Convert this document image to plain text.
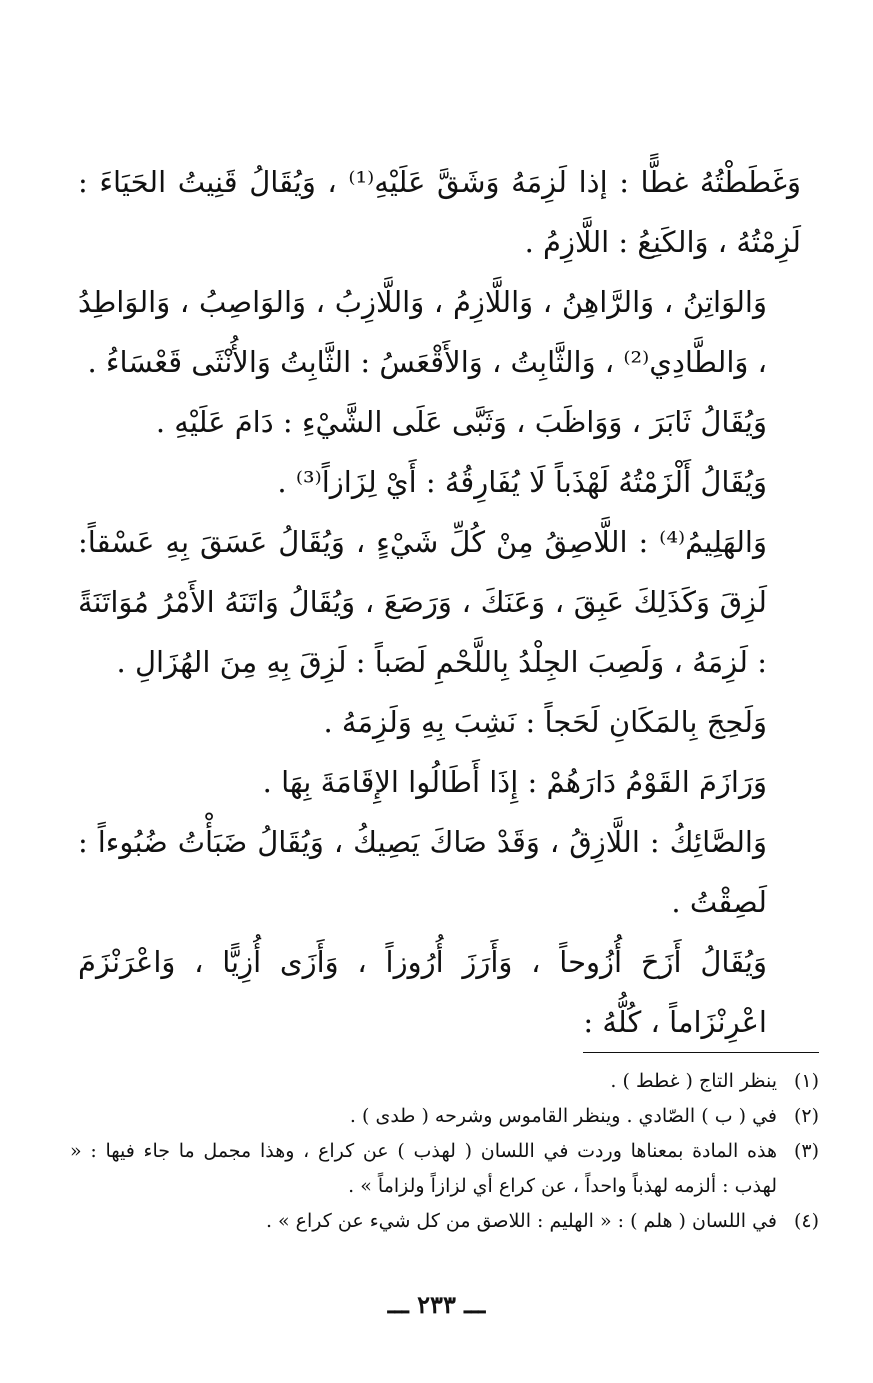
وَغَطَطْتُهُ غطًّا : إذا لَزِمَهُ وَشَقَّ عَلَيْهِ⁽¹⁾ ، وَيُقَالُ قَنِيتُ الحَيَاءَ : لَزِمْتُهُ ، وَالكَنِعُ : اللَّازِمُ .

وَالوَاتِنُ ، وَالرَّاهِنُ ، وَاللَّازِمُ ، وَاللَّازِبُ ، وَالوَاصِبُ ، وَالوَاطِدُ ، وَالطَّادِي⁽²⁾ ، وَالثَّابِتُ ، وَالأَقْعَسُ : الثَّابِتُ وَالأُنْثَى قَعْسَاءُ .

وَيُقَالُ ثَابَرَ ، وَوَاظَبَ ، وَثَبَّى عَلَى الشَّيْءِ : دَامَ عَلَيْهِ .

وَيُقَالُ أَلْزَمْتُهُ لَهْذَباً لَا يُفَارِقُهُ : أَيْ لِزَازاً⁽³⁾ .

وَالهَلِيمُ⁽⁴⁾ : اللَّاصِقُ مِنْ كُلِّ شَيْءٍ ، وَيُقَالُ عَسَقَ بِهِ عَسْقاً: لَزِقَ وَكَذَلِكَ عَبِقَ ، وَعَنَكَ ، وَرَصَعَ ، وَيُقَالُ وَاتَنَهُ الأَمْرُ مُوَاتَنَةً : لَزِمَهُ ، وَلَصِبَ الجِلْدُ بِاللَّحْمِ لَصَباً : لَزِقَ بِهِ مِنَ الهُزَالِ .

وَلَحِجَ بِالمَكَانِ لَحَجاً : نَشِبَ بِهِ وَلَزِمَهُ .

وَرَازَمَ القَوْمُ دَارَهُمْ : إِذَا أَطَالُوا الإِقَامَةَ بِهَا .

وَالصَّائِكُ : اللَّازِقُ ، وَقَدْ صَاكَ يَصِيكُ ، وَيُقَالُ ضَبَأْتُ ضُبُوءاً : لَصِقْتُ .

وَيُقَالُ أَزَحَ أُزُوحاً ، وَأَرَزَ أُرُوزاً ، وَأَزَى أُزِيًّا ، وَاعْرَنْزَمَ اعْرِنْزَاماً ، كُلُّهُ :

(١)
ينظر التاج ( غطط ) .
(٢)
في ( ب ) الصّادي . وينظر القاموس وشرحه ( طدى ) .
(٣)
هذه المادة بمعناها وردت في اللسان ( لهذب ) عن كراع ، وهذا مجمل ما جاء فيها : « لهذب : ألزمه لهذباً واحداً ، عن كراع أي لزازاً ولزاماً » .
(٤)
في اللسان ( هلم ) : « الهليم : اللاصق من كل شيء عن كراع » .
ـــ ٢٣٣ ـــ
